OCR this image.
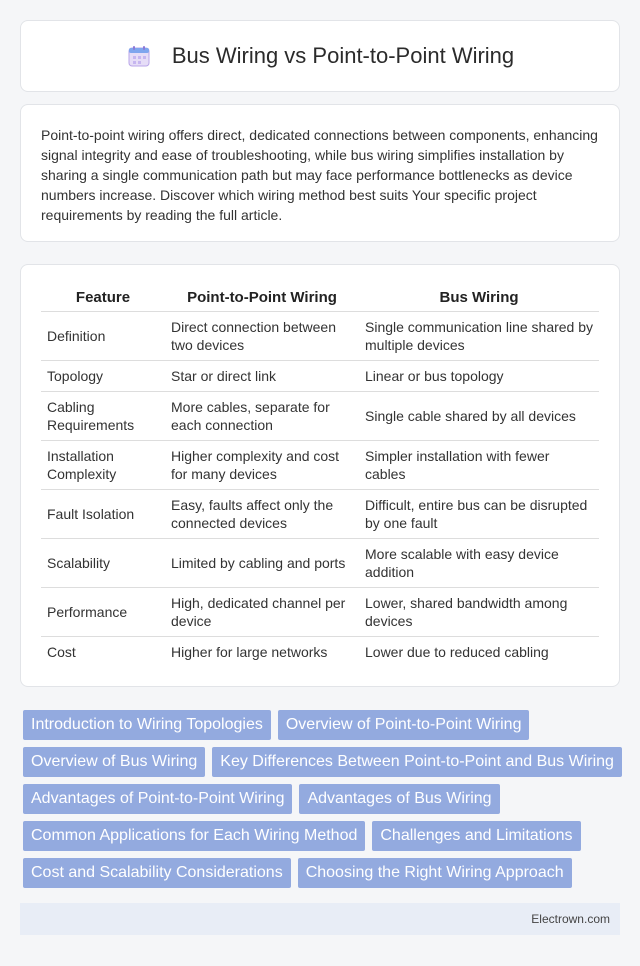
Bus Wiring vs Point-to-Point Wiring

Point-to-point wiring offers direct, dedicated connections between components, enhancing signal integrity and ease of troubleshooting, while bus wiring simplifies installation by sharing a single communication path but may face performance bottlenecks as device numbers increase. Discover which wiring method best suits Your specific project requirements by reading the full article.

Feature	Point-to-Point Wiring	Bus Wiring
Definition	Direct connection between two devices	Single communication line shared by multiple devices
Topology	Star or direct link	Linear or bus topology
Cabling Requirements	More cables, separate for each connection	Single cable shared by all devices
Installation Complexity	Higher complexity and cost for many devices	Simpler installation with fewer cables
Fault Isolation	Easy, faults affect only the connected devices	Difficult, entire bus can be disrupted by one fault
Scalability	Limited by cabling and ports	More scalable with easy device addition
Performance	High, dedicated channel per device	Lower, shared bandwidth among devices
Cost	Higher for large networks	Lower due to reduced cabling
Introduction to Wiring Topologies	Overview of Point-to-Point Wiring
Overview of Bus Wiring	Key Differences Between Point-to-Point and Bus Wiring
Advantages of Point-to-Point Wiring	Advantages of Bus Wiring
Common Applications for Each Wiring Method	Challenges and Limitations
Cost and Scalability Considerations	Choosing the Right Wiring Approach
Electrown.com
